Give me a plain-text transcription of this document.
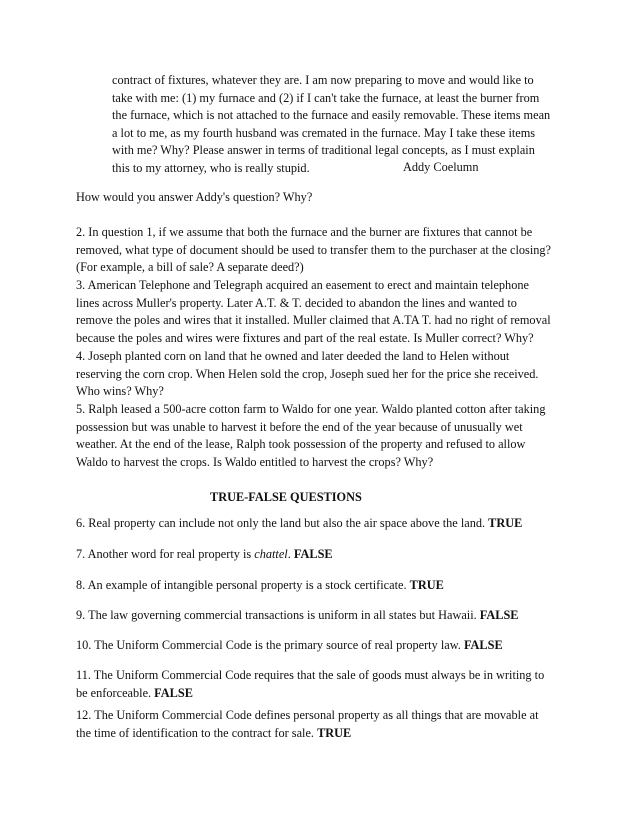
contract of fixtures, whatever they are. I am now preparing to move and would like to
take with me: (1) my furnace and (2) if I can't take the furnace, at least the burner from
the furnace, which is not attached to the furnace and easily removable. These items mean
a lot to me, as my fourth husband was cremated in the furnace. May I take these items
with me? Why? Please answer in terms of traditional legal concepts, as I must explain
this to my attorney, who is really stupid.	Addy Coelumn
How would you answer Addy's question? Why?
2. In question 1, if we assume that both the furnace and the burner are fixtures that cannot be
removed, what type of document should be used to transfer them to the purchaser at the closing?
(For example, a bill of sale? A separate deed?)
3. American Telephone and Telegraph acquired an easement to erect and maintain telephone
lines across Muller's property. Later A.T. & T. decided to abandon the lines and wanted to
remove the poles and wires that it installed. Muller claimed that A.TA T. had no right of removal
because the poles and wires were fixtures and part of the real estate. Is Muller correct? Why?
4. Joseph planted corn on land that he owned and later deeded the land to Helen without
reserving the corn crop. When Helen sold the crop, Joseph sued her for the price she received.
Who wins? Why?
5. Ralph leased a 500-acre cotton farm to Waldo for one year. Waldo planted cotton after taking
possession but was unable to harvest it before the end of the year because of unusually wet
weather. At the end of the lease, Ralph took possession of the property and refused to allow
Waldo to harvest the crops. Is Waldo entitled to harvest the crops? Why?
TRUE-FALSE QUESTIONS
6. Real property can include not only the land but also the air space above the land. TRUE
7. Another word for real property is chattel. FALSE
8. An example of intangible personal property is a stock certificate. TRUE
9. The law governing commercial transactions is uniform in all states but Hawaii. FALSE
10. The Uniform Commercial Code is the primary source of real property law. FALSE
11. The Uniform Commercial Code requires that the sale of goods must always be in writing to
be enforceable. FALSE
12. The Uniform Commercial Code defines personal property as all things that are movable at
the time of identification to the contract for sale. TRUE
